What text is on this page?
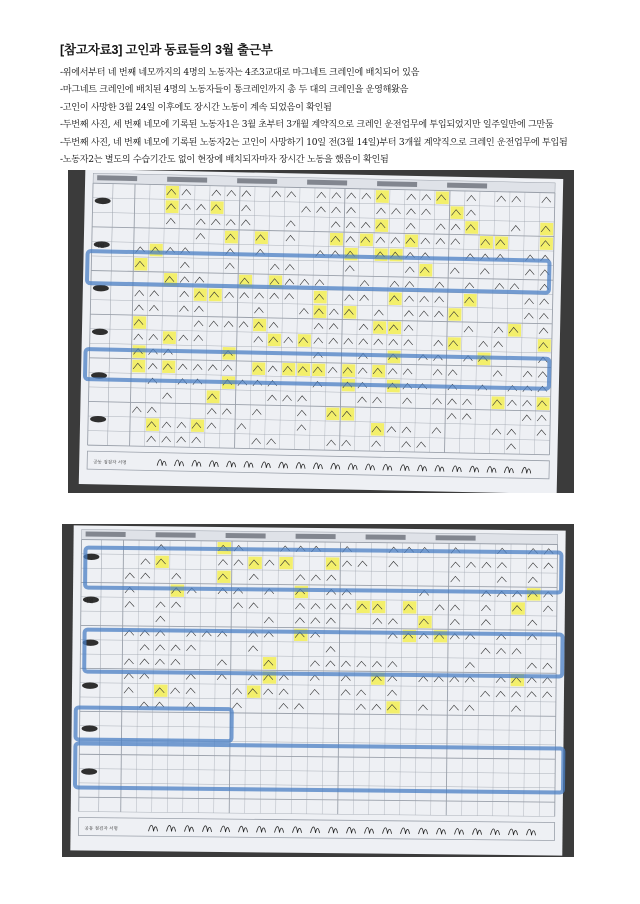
[참고자료3] 고인과 동료들의 3월 출근부
-위에서부터 네 번째 네모까지의 4명의 노동자는 4조3교대로 마그네트 크레인에 배치되어 있음
-마그네트 크레인에 배치된 4명의 노동자들이 통크레인까지 총 두 대의 크레인을 운영해왔음
-고인이 사망한 3월 24일 이후에도 장시간 노동이 계속 되었음이 확인됨
-두번째 사진, 세 번째 네모에 기록된 노동자1은 3월 초부터 3개월 계약직으로 크레인 운전업무에 투입되었지만 일주일만에 그만둠
-두번째 사진, 네 번째 네모에 기록된 노동자2는 고인이 사망하기 10일 전(3월 14일)부터 3개월 계약직으로 크레인 운전업무에 투입됨
-노동자2는 별도의 수습기간도 없이 현장에 배치되자마자 장시간 노동을 했음이 확인됨
공동 점검자 서명
사원
공동 점검자 서명
사원
